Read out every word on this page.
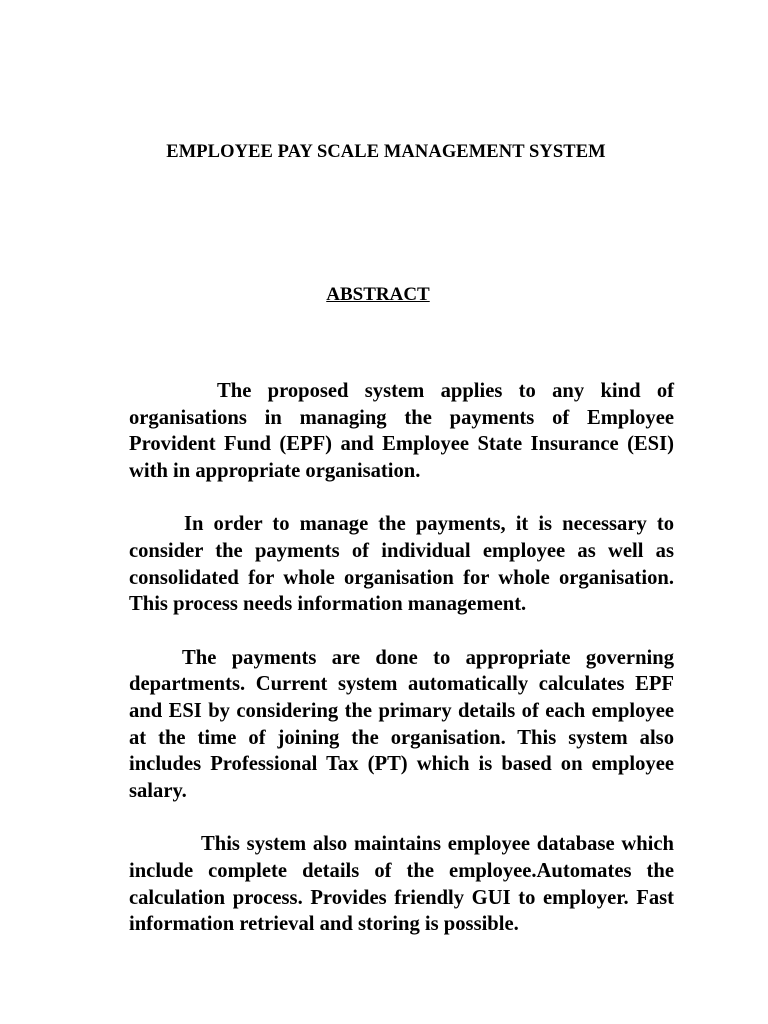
EMPLOYEE PAY SCALE MANAGEMENT SYSTEM
ABSTRACT

The proposed system applies to any kind of organisations in managing the payments of Employee Provident Fund (EPF) and Employee State Insurance (ESI) with in appropriate organisation.

In order to manage the payments, it is necessary to consider the payments of individual employee as well as consolidated for whole organisation for whole organisation. This process needs information management.

The payments are done to appropriate governing departments. Current system automatically calculates EPF and ESI by considering the primary details of each employee at the time of joining the organisation. This system also includes Professional Tax (PT) which is based on employee salary.

This system also maintains employee database which include complete details of the employee.Automates the calculation process. Provides friendly GUI to employer. Fast information retrieval and storing is possible.
